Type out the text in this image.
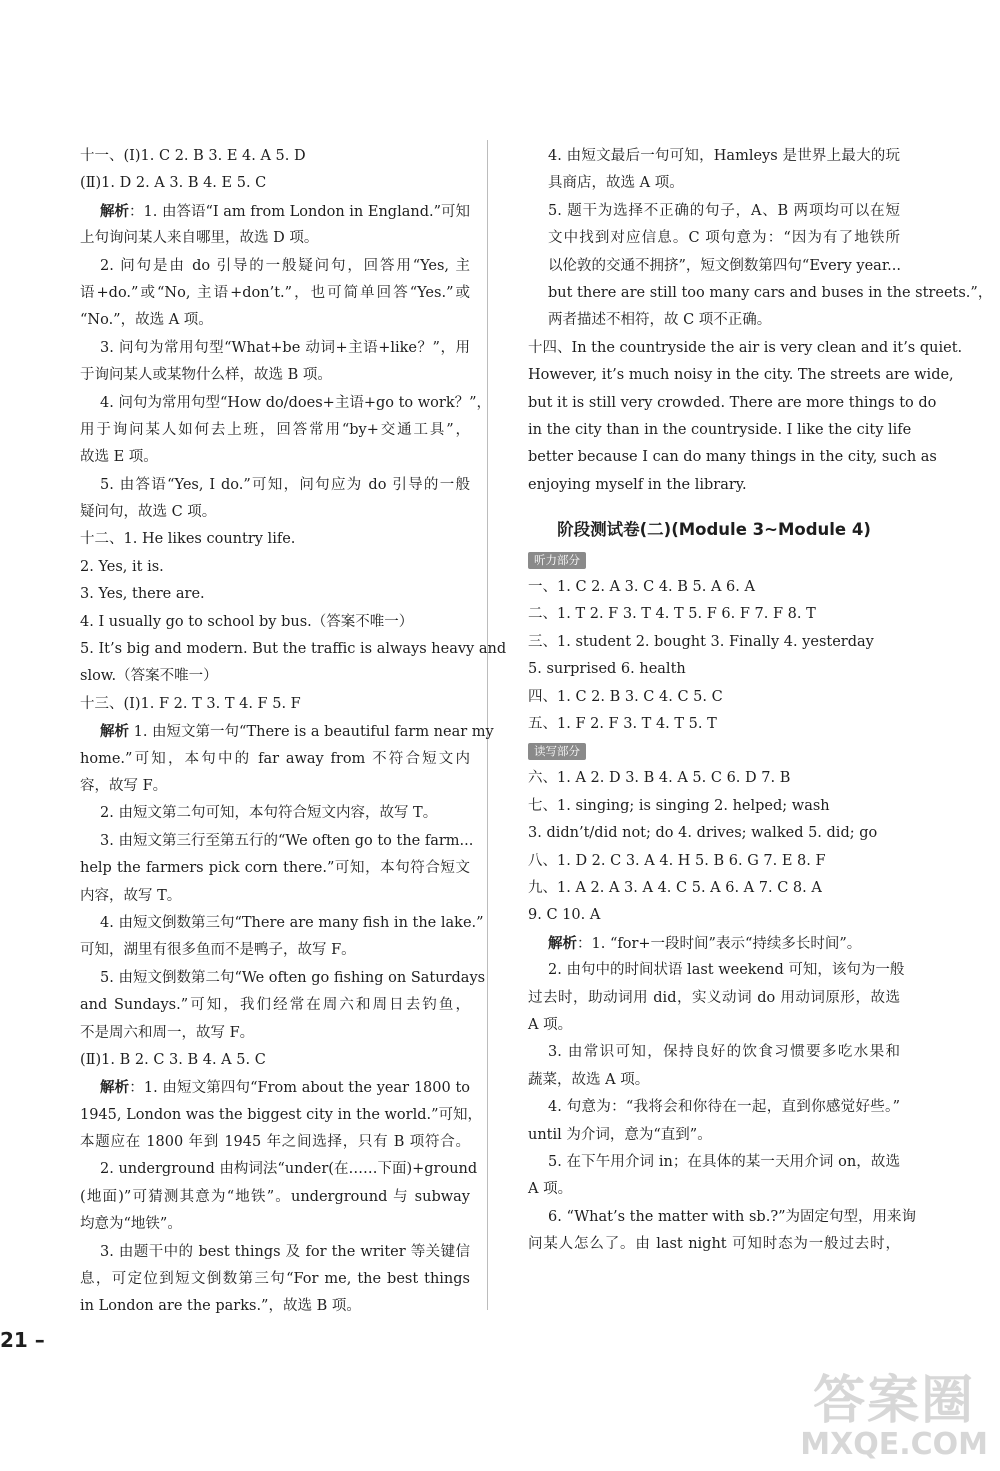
十一、(Ⅰ)1. C 2. B 3. E 4. A 5. D
(Ⅱ)1. D 2. A 3. B 4. E 5. C
解析：1. 由答语“I am from London in England.”可知
上句询问某人来自哪里，故选 D 项。
2. 问句是由 do 引导的一般疑问句，回答用“Yes, 主
语+do.”或“No, 主语+don’t.”，也可简单回答“Yes.”或
“No.”，故选 A 项。
3. 问句为常用句型“What+be 动词+主语+like？”，用
于询问某人或某物什么样，故选 B 项。
4. 问句为常用句型“How do/does+主语+go to work？”，
用于询问某人如何去上班，回答常用“by+交通工具”，
故选 E 项。
5. 由答语“Yes, I do.”可知，问句应为 do 引导的一般
疑问句，故选 C 项。
十二、1. He likes country life.
2. Yes, it is.
3. Yes, there are.
4. I usually go to school by bus.（答案不唯一）
5. It’s big and modern. But the traffic is always heavy and
slow.（答案不唯一）
十三、(Ⅰ)1. F 2. T 3. T 4. F 5. F
解析 1. 由短文第一句“There is a beautiful farm near my
home.”可知，本句中的 far away from 不符合短文内
容，故写 F。
2. 由短文第二句可知，本句符合短文内容，故写 T。
3. 由短文第三行至第五行的“We often go to the farm...
help the farmers pick corn there.”可知，本句符合短文
内容，故写 T。
4. 由短文倒数第三句“There are many fish in the lake.”
可知，湖里有很多鱼而不是鸭子，故写 F。
5. 由短文倒数第二句“We often go fishing on Saturdays
and Sundays.”可知，我们经常在周六和周日去钓鱼，
不是周六和周一，故写 F。
(Ⅱ)1. B 2. C 3. B 4. A 5. C
解析：1. 由短文第四句“From about the year 1800 to
1945, London was the biggest city in the world.”可知，
本题应在 1800 年到 1945 年之间选择，只有 B 项符合。
2. underground 由构词法“under(在……下面)+ground
(地面)”可猜测其意为“地铁”。underground 与 subway
均意为“地铁”。
3. 由题干中的 best things 及 for the writer 等关键信
息，可定位到短文倒数第三句“For me, the best things
in London are the parks.”，故选 B 项。
4. 由短文最后一句可知，Hamleys 是世界上最大的玩
具商店，故选 A 项。
5. 题干为选择不正确的句子，A、B 两项均可以在短
文中找到对应信息。C 项句意为：“因为有了地铁所
以伦敦的交通不拥挤”，短文倒数第四句“Every year...
but there are still too many cars and buses in the streets.”，
两者描述不相符，故 C 项不正确。
十四、In the countryside the air is very clean and it’s quiet.
However, it’s much noisy in the city. The streets are wide,
but it is still very crowded. There are more things to do
in the city than in the countryside. I like the city life
better because I can do many things in the city, such as
enjoying myself in the library.
阶段测试卷(二)(Module 3~Module 4)
听力部分
一、1. C 2. A 3. C 4. B 5. A 6. A
二、1. T 2. F 3. T 4. T 5. F 6. F 7. F 8. T
三、1. student 2. bought 3. Finally 4. yesterday
5. surprised 6. health
四、1. C 2. B 3. C 4. C 5. C
五、1. F 2. F 3. T 4. T 5. T
读写部分
六、1. A 2. D 3. B 4. A 5. C 6. D 7. B
七、1. singing; is singing 2. helped; wash
3. didn’t/did not; do 4. drives; walked 5. did; go
八、1. D 2. C 3. A 4. H 5. B 6. G 7. E 8. F
九、1. A 2. A 3. A 4. C 5. A 6. A 7. C 8. A
9. C 10. A
解析：1. “for+一段时间”表示“持续多长时间”。
2. 由句中的时间状语 last weekend 可知，该句为一般
过去时，助动词用 did，实义动词 do 用动词原形，故选
A 项。
3. 由常识可知，保持良好的饮食习惯要多吃水果和
蔬菜，故选 A 项。
4. 句意为：“我将会和你待在一起，直到你感觉好些。”
until 为介词，意为“直到”。
5. 在下午用介词 in；在具体的某一天用介词 on，故选
A 项。
6. “What’s the matter with sb.?”为固定句型，用来询
问某人怎么了。由 last night 可知时态为一般过去时，
21 –
答案圈
MXQE.COM
